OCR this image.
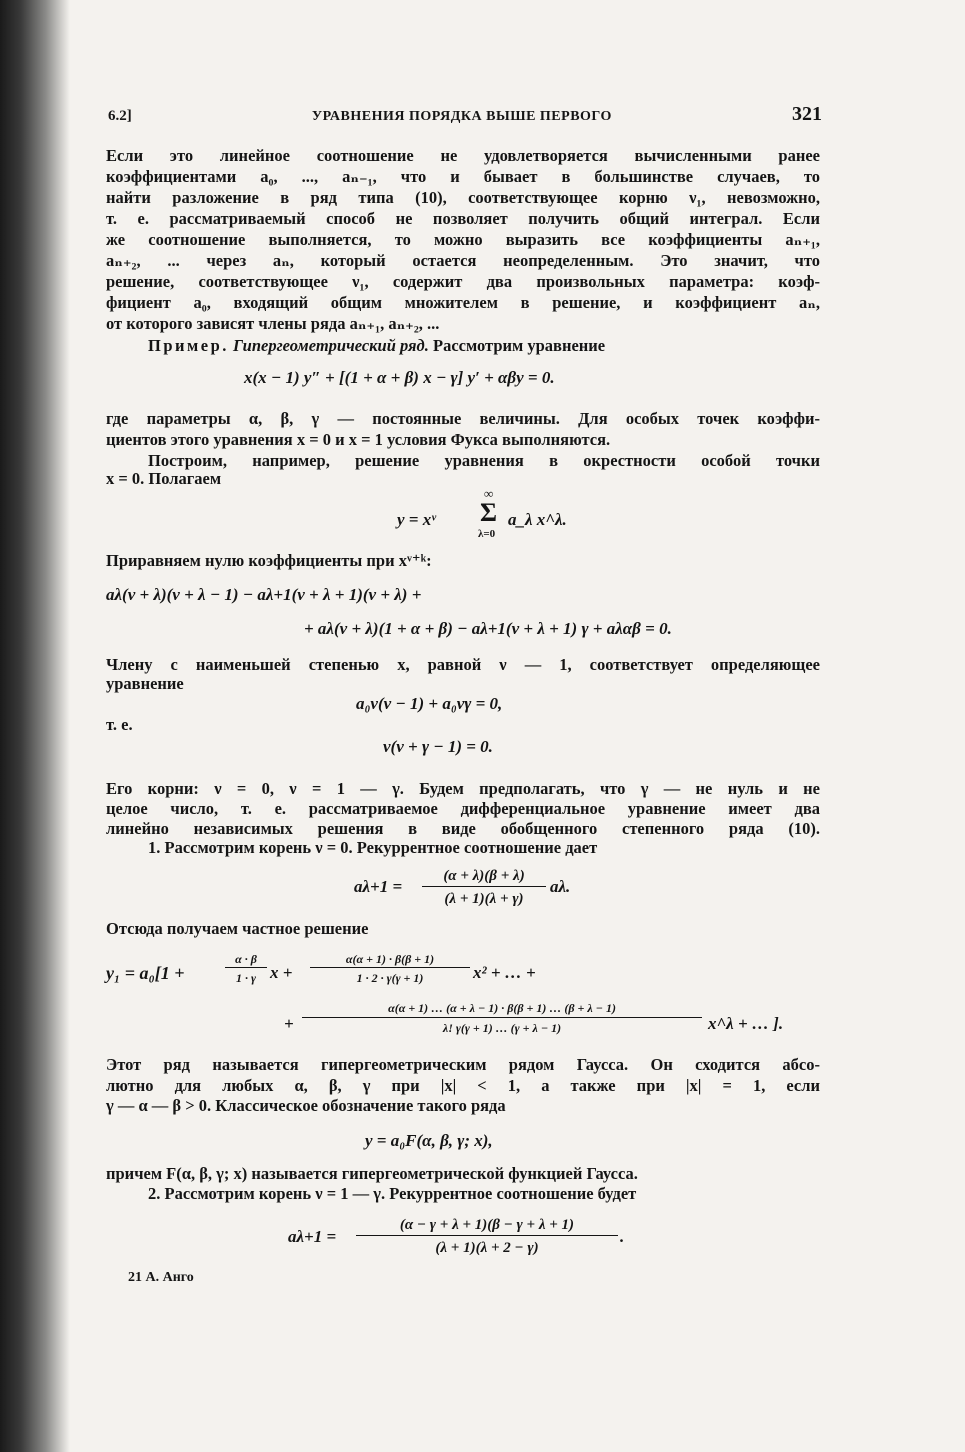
6.2]	УРАВНЕНИЯ ПОРЯДКА ВЫШЕ ПЕРВОГО	321
Если это линейное соотношение не удовлетворяется вычисленными ранее
коэффициентами a₀, ..., aₙ₋₁, что и бывает в большинстве случаев, то
найти разложение в ряд типа (10), соответствующее корню ν₁, невозможно,
т. е. рассматриваемый способ не позволяет получить общий интеграл. Если
же соотношение выполняется, то можно выразить все коэффициенты aₙ₊₁,
aₙ₊₂, ... через aₙ, который остается неопределенным. Это значит, что
решение, соответствующее ν₁, содержит два произвольных параметра: коэф-
фициент a₀, входящий общим множителем в решение, и коэффициент aₙ,
от которого зависят члены ряда aₙ₊₁, aₙ₊₂, ...
Пример. Гипергеометрический ряд. Рассмотрим уравнение
x(x − 1) y″ + [(1 + α + β) x − γ] y′ + αβy = 0.
где параметры α, β, γ — постоянные величины. Для особых точек коэффи-
циентов этого уравнения x = 0 и x = 1 условия Фукса выполняются.
Построим, например, решение уравнения в окрестности особой точки
x = 0. Полагаем
y = xᵛ
∞
Σ
λ=0
a_λ x^λ.
Приравняем нулю коэффициенты при xᵛ⁺ᵏ:
aλ(ν + λ)(ν + λ − 1) − aλ+1(ν + λ + 1)(ν + λ) +
+ aλ(ν + λ)(1 + α + β) − aλ+1(ν + λ + 1) γ + aλαβ = 0.
Члену с наименьшей степенью x, равной ν — 1, соответствует определяющее
уравнение
a₀ν(ν − 1) + a₀νγ = 0,
т. е.
ν(ν + γ − 1) = 0.
Его корни: ν = 0, ν = 1 — γ. Будем предполагать, что γ — не нуль и не
целое число, т. е. рассматриваемое дифференциальное уравнение имеет два
линейно независимых решения в виде обобщенного степенного ряда (10).
1. Рассмотрим корень ν = 0. Рекуррентное соотношение дает
aλ+1 =
(α + λ)(β + λ)
(λ + 1)(λ + γ)
aλ.
Отсюда получаем частное решение
y₁ = a₀[1 +
α · β
1 · γ x +
α(α + 1) · β(β + 1)
1 · 2 · γ(γ + 1)	x² + … +
+
α(α + 1) … (α + λ − 1) · β(β + 1) … (β + λ − 1)
λ! γ(γ + 1) … (γ + λ − 1)	x^λ + … ].
Этот ряд называется гипергеометрическим рядом Гаусса. Он сходится абсо-
лютно для любых α, β, γ при |x| < 1, а также при |x| = 1, если
γ — α — β > 0. Классическое обозначение такого ряда
y = a₀F(α, β, γ; x),
причем F(α, β, γ; x) называется гипергеометрической функцией Гаусса.
2. Рассмотрим корень ν = 1 — γ. Рекуррентное соотношение будет
aλ+1 =
(α − γ + λ + 1)(β − γ + λ + 1)
(λ + 1)(λ + 2 − γ)
.
21 А. Анго
